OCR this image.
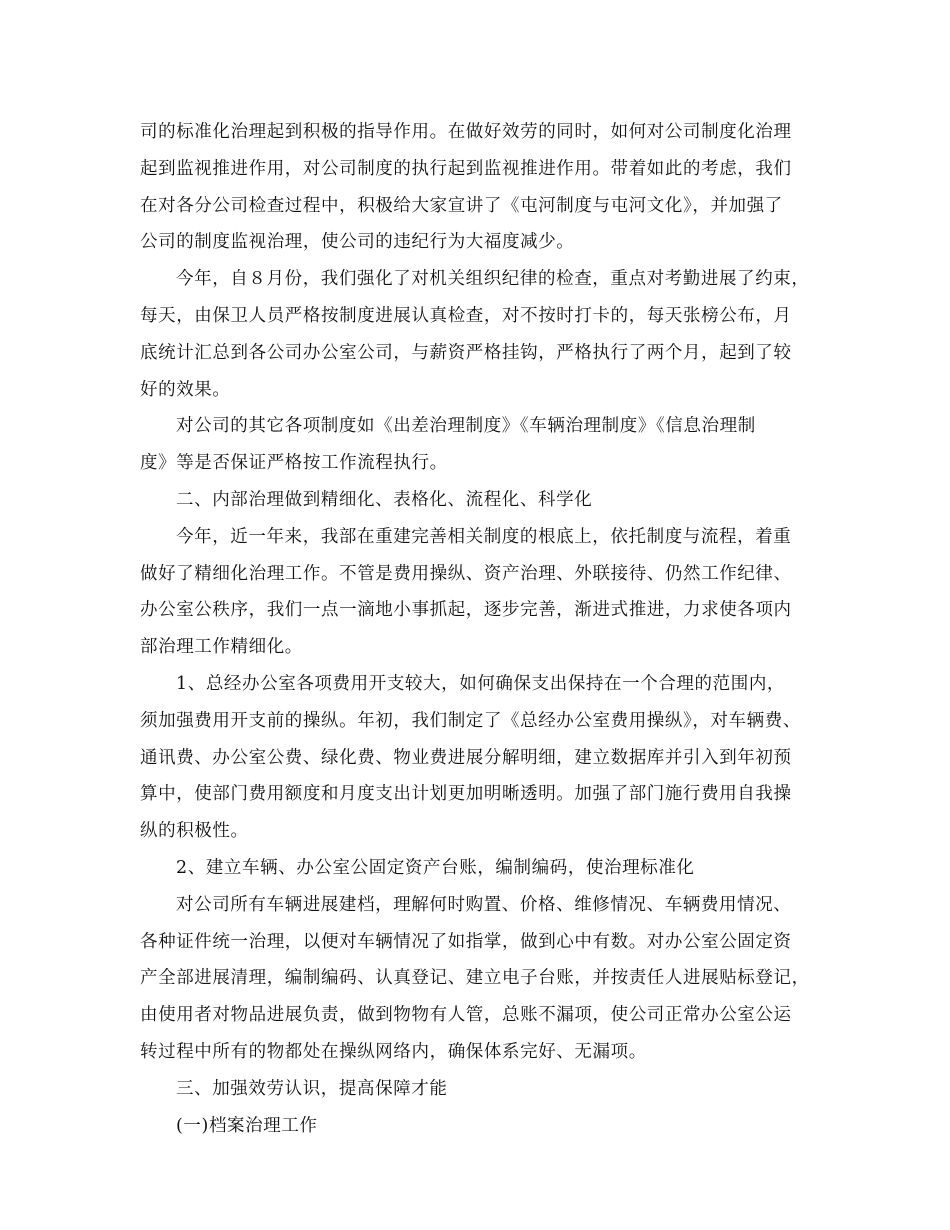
司的标准化治理起到积极的指导作用。在做好效劳的同时，如何对公司制度化治理
起到监视推进作用，对公司制度的执行起到监视推进作用。带着如此的考虑，我们
在对各分公司检查过程中，积极给大家宣讲了《屯河制度与屯河文化》，并加强了
公司的制度监视治理，使公司的违纪行为大福度减少。
今年，自８月份，我们强化了对机关组织纪律的检查，重点对考勤进展了约束，
每天，由保卫人员严格按制度进展认真检查，对不按时打卡的，每天张榜公布，月
底统计汇总到各公司办公室公司，与薪资严格挂钩，严格执行了两个月，起到了较
好的效果。
对公司的其它各项制度如《出差治理制度》《车辆治理制度》《信息治理制
度》等是否保证严格按工作流程执行。
二、内部治理做到精细化、表格化、流程化、科学化
今年，近一年来，我部在重建完善相关制度的根底上，依托制度与流程，着重
做好了精细化治理工作。不管是费用操纵、资产治理、外联接待、仍然工作纪律、
办公室公秩序，我们一点一滴地小事抓起，逐步完善，渐进式推进，力求使各项内
部治理工作精细化。
1、总经办公室各项费用开支较大，如何确保支出保持在一个合理的范围内，
须加强费用开支前的操纵。年初，我们制定了《总经办公室费用操纵》，对车辆费、
通讯费、办公室公费、绿化费、物业费进展分解明细，建立数据库并引入到年初预
算中，使部门费用额度和月度支出计划更加明晰透明。加强了部门施行费用自我操
纵的积极性。
2、建立车辆、办公室公固定资产台账，编制编码，使治理标准化
对公司所有车辆进展建档，理解何时购置、价格、维修情况、车辆费用情况、
各种证件统一治理，以便对车辆情况了如指掌，做到心中有数。对办公室公固定资
产全部进展清理，编制编码、认真登记、建立电子台账，并按责任人进展贴标登记，
由使用者对物品进展负责，做到物物有人管，总账不漏项，使公司正常办公室公运
转过程中所有的物都处在操纵网络内，确保体系完好、无漏项。
三、加强效劳认识，提高保障才能
(一)档案治理工作
